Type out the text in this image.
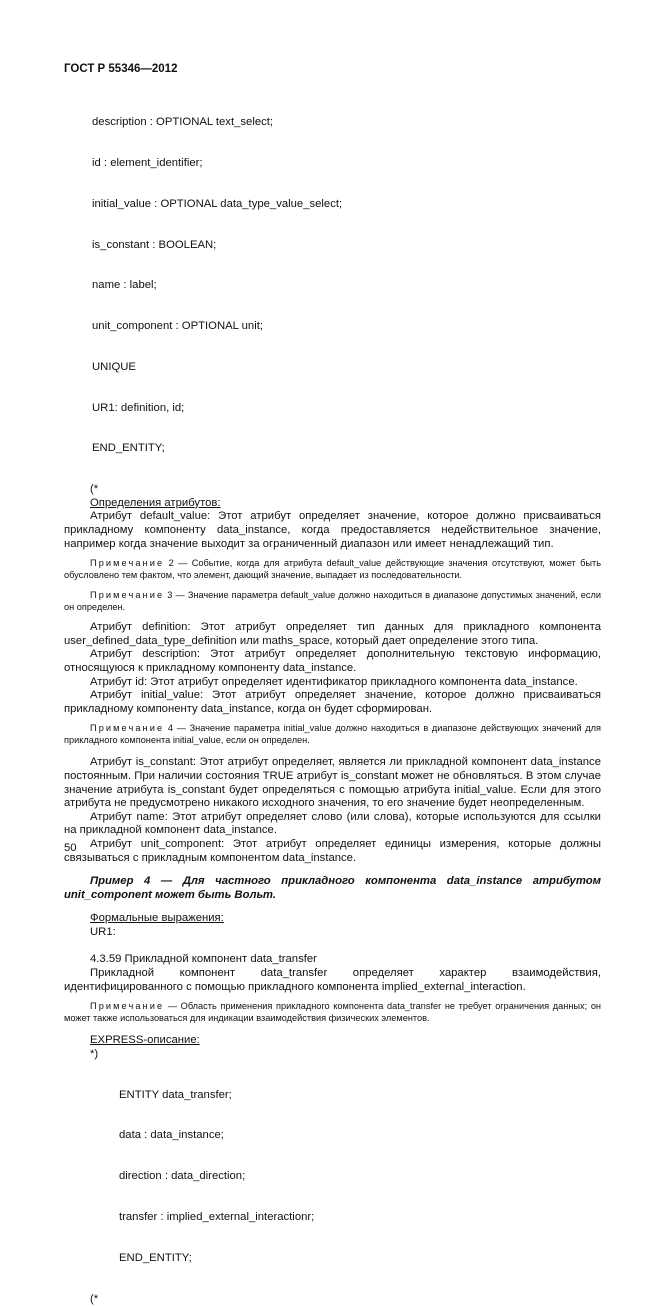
ГОСТ Р 55346—2012

description : OPTIONAL text_select;

id : element_identifier;

initial_value : OPTIONAL data_type_value_select;

is_constant : BOOLEAN;

name : label;

unit_component : OPTIONAL unit;

UNIQUE

UR1: definition, id;

END_ENTITY;

(*
Определения атрибутов:

Атрибут default_value: Этот атрибут определяет значение, которое должно присваиваться прикладному компоненту data_instance, когда предоставляется недействительное значение, например когда значение выходит за ограниченный диапазон или имеет ненадлежащий тип.

Примечание 2 — Событие, когда для атрибута default_value действующие значения отсутствуют, может быть обусловлено тем фактом, что элемент, дающий значение, выпадает из последовательности.

Примечание 3 — Значение параметра default_value должно находиться в диапазоне допустимых значений, если он определен.

Атрибут definition: Этот атрибут определяет тип данных для прикладного компонента user_defined_data_type_definition или maths_space, который дает определение этого типа.

Атрибут description: Этот атрибут определяет дополнительную текстовую информацию, относящуюся к прикладному компоненту data_instance.

Атрибут id: Этот атрибут определяет идентификатор прикладного компонента data_instance.

Атрибут initial_value: Этот атрибут определяет значение, которое должно присваиваться прикладному компоненту data_instance, когда он будет сформирован.

Примечание 4 — Значение параметра initial_value должно находиться в диапазоне действующих значений для прикладного компонента initial_value, если он определен.

Атрибут is_constant: Этот атрибут определяет, является ли прикладной компонент data_instance постоянным. При наличии состояния TRUE атрибут is_constant может не обновляться. В этом случае значение атрибута is_constant будет определяться с помощью атрибута initial_value. Если для этого атрибута не предусмотрено никакого исходного значения, то его значение будет неопределенным.

Атрибут name: Этот атрибут определяет слово (или слова), которые используются для ссылки на прикладной компонент data_instance.

Атрибут unit_component: Этот атрибут определяет единицы измерения, которые должны связываться с прикладным компонентом data_instance.

Пример 4 — Для частного прикладного компонента data_instance атрибутом unit_component может быть Вольт.

Формальные выражения:
UR1:
4.3.59 Прикладной компонент data_transfer

Прикладной компонент data_transfer определяет характер взаимодействия, идентифицированного с помощью прикладного компонента implied_external_interaction.

Примечание — Область применения прикладного компонента data_transfer не требует ограничения данных; он может также использоваться для индикации взаимодействия физических элементов.

EXPRESS-описание:
*)

ENTITY data_transfer;

data : data_instance;

direction : data_direction;

transfer : implied_external_interactionr;

END_ENTITY;

(*
50
